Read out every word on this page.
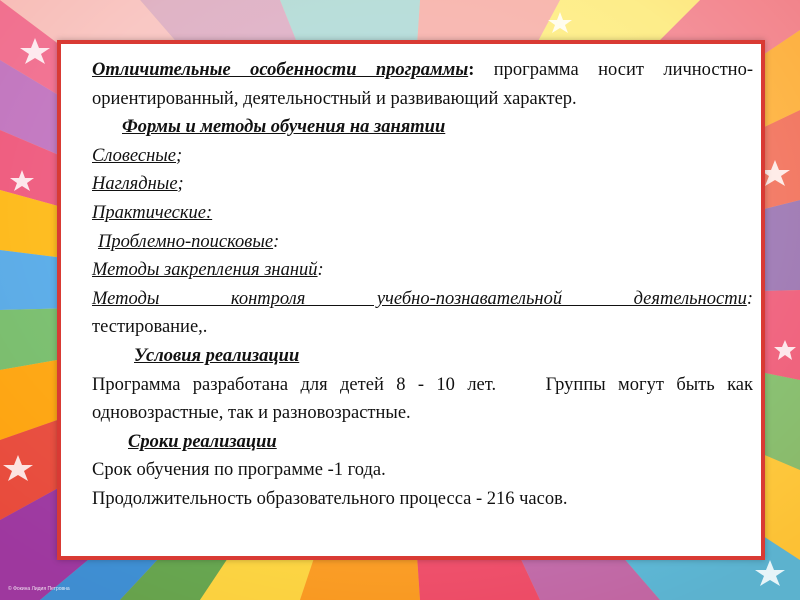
Отличительные особенности программы: программа носит личностно-ориентированный, деятельностный и развивающий характер.

Формы и методы обучения на занятии

Словесные;

Наглядные;

Практические:

Проблемно-поисковые:

Методы закрепления знаний:

Методы контроля учебно-познавательной деятельности:

тестирование,.

Условия реализации

Программа разработана для детей 8 - 10 лет.    Группы могут быть как одновозрастные, так и разновозрастные.

Сроки реализации

Срок обучения по программе -1 года.

Продолжительность образовательного процесса - 216 часов.

© Фокина Лидия Петровна
